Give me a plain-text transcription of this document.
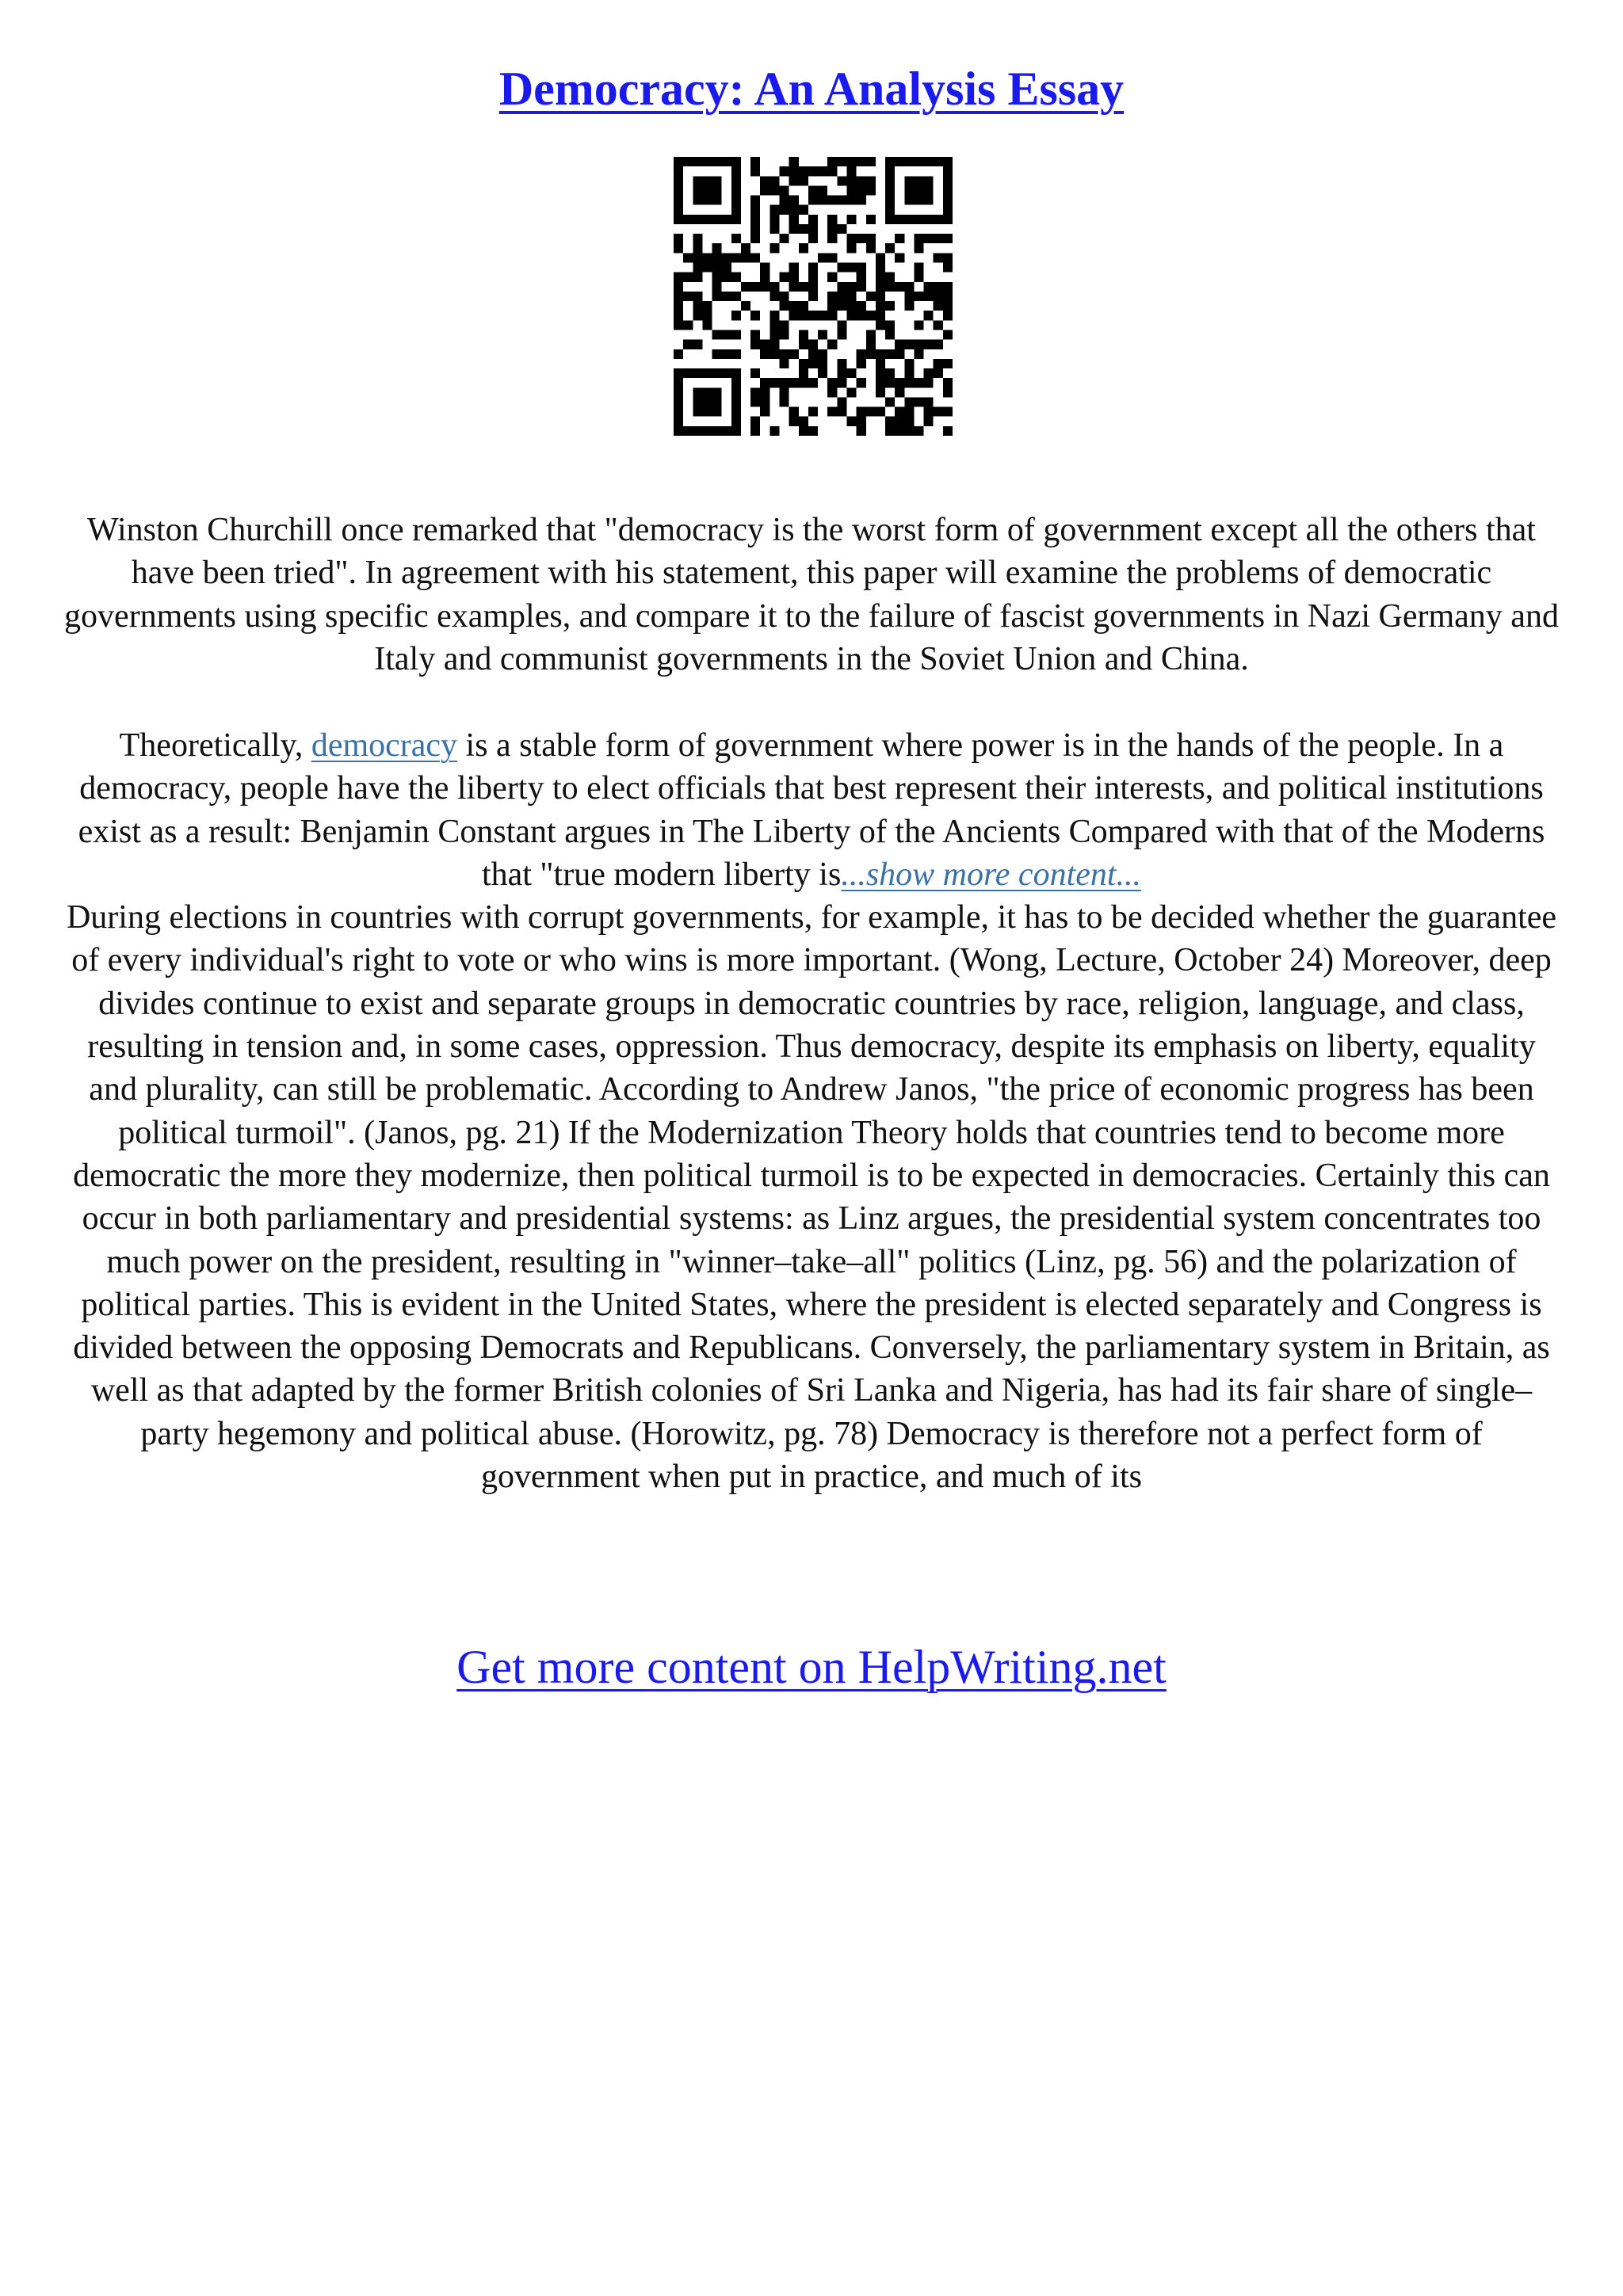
Democracy: An Analysis Essay

Winston Churchill once remarked that "democracy is the worst form of government except all the others that have been tried". In agreement with his statement, this paper will examine the problems of democratic governments using specific examples, and compare it to the failure of fascist governments in Nazi Germany and Italy and communist governments in the Soviet Union and China.

Theoretically, democracy is a stable form of government where power is in the hands of the people. In a democracy, people have the liberty to elect officials that best represent their interests, and political institutions exist as a result: Benjamin Constant argues in The Liberty of the Ancients Compared with that of the Moderns that "true modern liberty is...show more content...
During elections in countries with corrupt governments, for example, it has to be decided whether the guarantee of every individual's right to vote or who wins is more important. (Wong, Lecture, October 24) Moreover, deep divides continue to exist and separate groups in democratic countries by race, religion, language, and class, resulting in tension and, in some cases, oppression. Thus democracy, despite its emphasis on liberty, equality and plurality, can still be problematic. According to Andrew Janos, "the price of economic progress has been political turmoil". (Janos, pg. 21) If the Modernization Theory holds that countries tend to become more democratic the more they modernize, then political turmoil is to be expected in democracies. Certainly this can occur in both parliamentary and presidential systems: as Linz argues, the presidential system concentrates too much power on the president, resulting in "winner–take–all" politics (Linz, pg. 56) and the polarization of political parties. This is evident in the United States, where the president is elected separately and Congress is divided between the opposing Democrats and Republicans. Conversely, the parliamentary system in Britain, as well as that adapted by the former British colonies of Sri Lanka and Nigeria, has had its fair share of single–party hegemony and political abuse. (Horowitz, pg. 78) Democracy is therefore not a perfect form of government when put in practice, and much of its

Get more content on HelpWriting.net
